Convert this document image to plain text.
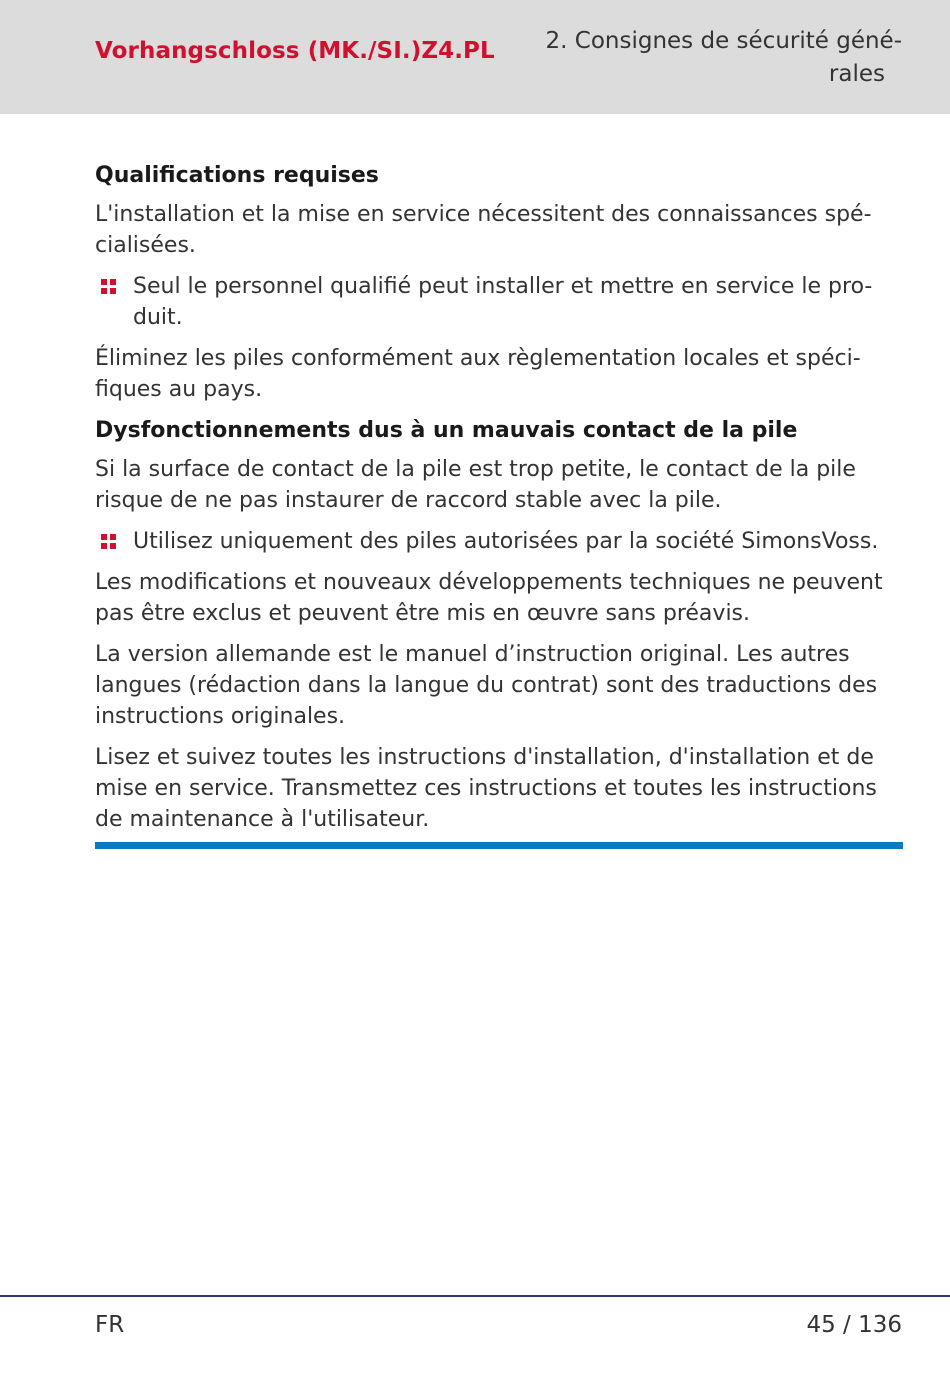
Vorhangschloss (MK./SI.)Z4.PL	2. Consignes de sécurité géné-
rales
Qualifications requises
L'installation et la mise en service nécessitent des connaissances spé-
cialisées.
Seul le personnel qualifié peut installer et mettre en service le pro-
duit.
Éliminez les piles conformément aux règlementation locales et spéci-
fiques au pays.
Dysfonctionnements dus à un mauvais contact de la pile
Si la surface de contact de la pile est trop petite, le contact de la pile
risque de ne pas instaurer de raccord stable avec la pile.
Utilisez uniquement des piles autorisées par la société SimonsVoss.
Les modifications et nouveaux développements techniques ne peuvent
pas être exclus et peuvent être mis en œuvre sans préavis.
La version allemande est le manuel d’instruction original. Les autres
langues (rédaction dans la langue du contrat) sont des traductions des
instructions originales.
Lisez et suivez toutes les instructions d'installation, d'installation et de
mise en service. Transmettez ces instructions et toutes les instructions
de maintenance à l'utilisateur.
FR	45 / 136
